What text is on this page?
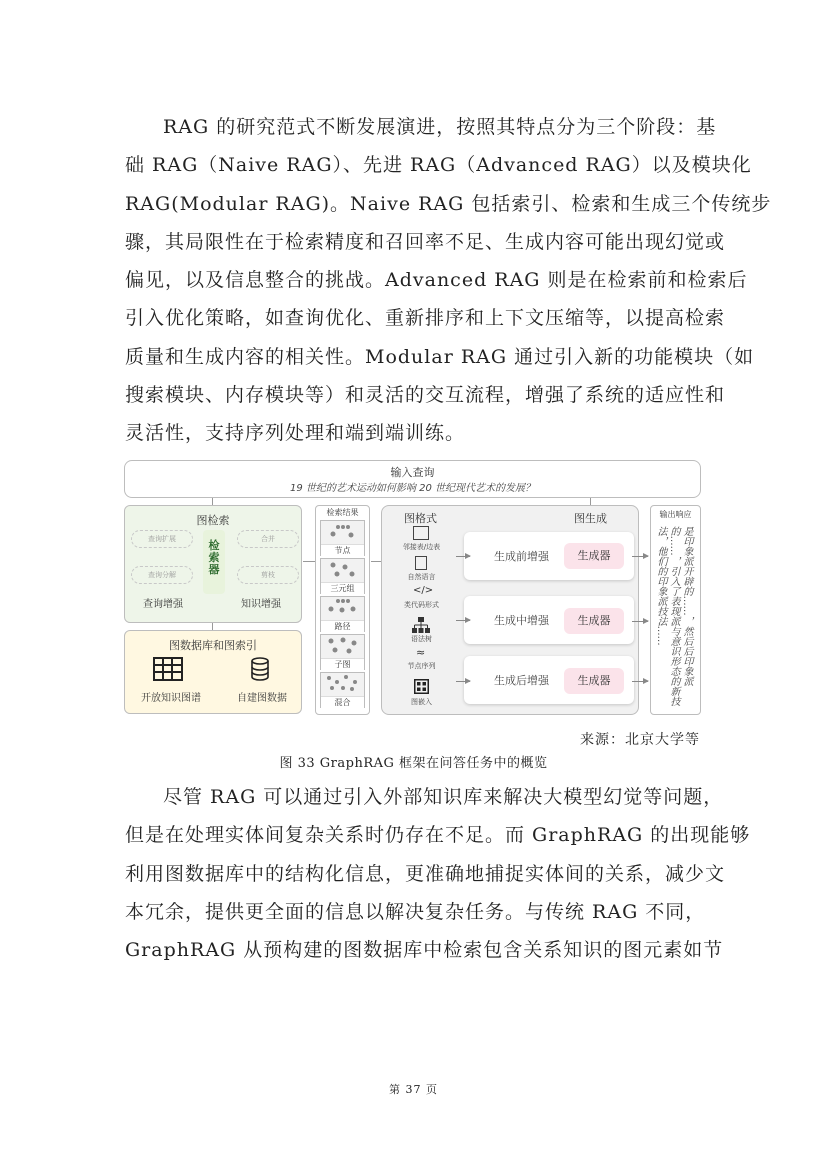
RAG 的研究范式不断发展演进，按照其特点分为三个阶段：基
础 RAG（Naive RAG）、先进 RAG（Advanced RAG）以及模块化
RAG(Modular RAG)。Naive RAG 包括索引、检索和生成三个传统步
骤，其局限性在于检索精度和召回率不足、生成内容可能出现幻觉或
偏见，以及信息整合的挑战。Advanced RAG 则是在检索前和检索后
引入优化策略，如查询优化、重新排序和上下文压缩等，以提高检索
质量和生成内容的相关性。Modular RAG 通过引入新的功能模块（如
搜索模块、内存模块等）和灵活的交互流程，增强了系统的适应性和
灵活性，支持序列处理和端到端训练。
输入查询
19 世纪的艺术运动如何影响 20 世纪现代艺术的发展？
图检索
查询扩展
查询分解
检索器
合并
剪枝
查询增强	知识增强
图数据库和图索引
开放知识图谱	自建图数据
检索结果
节点
三元组
路径
子图
混合
图格式	图生成
邻接表/边表
自然语言
</>
类代码形式
语法树
≈
节点序列
图嵌入
生成前增强	生成器
生成中增强	生成器
生成后增强	生成器
输出响应
是印象派开辟的……，然后后印象派的……，引入了表现派与意识形态的新技法，他们的印象派技法……
来源：北京大学等
图 33 GraphRAG 框架在问答任务中的概览
尽管 RAG 可以通过引入外部知识库来解决大模型幻觉等问题，
但是在处理实体间复杂关系时仍存在不足。而 GraphRAG 的出现能够
利用图数据库中的结构化信息，更准确地捕捉实体间的关系，减少文
本冗余，提供更全面的信息以解决复杂任务。与传统 RAG 不同，
GraphRAG 从预构建的图数据库中检索包含关系知识的图元素如节
第 37 页
